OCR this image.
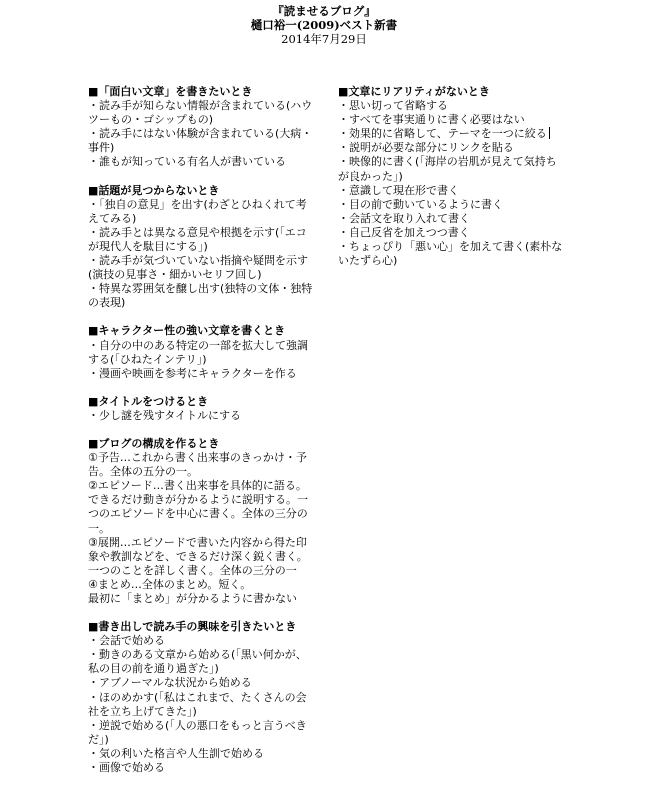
『読ませるブログ』
樋口裕一(2009)ベスト新書
2014年7月29日
■「面白い文章」を書きたいとき
・読み手が知らない情報が含まれている(ハウツーもの・ゴシップもの)
・読み手にはない体験が含まれている(大病・事件)
・誰もが知っている有名人が書いている
■話題が見つからないとき
・「独自の意見」を出す(わざとひねくれて考えてみる)
・読み手とは異なる意見や根拠を示す(「エコが現代人を駄目にする」)
・読み手が気づいていない指摘や疑問を示す(演技の見事さ・細かいセリフ回し)
・特異な雰囲気を醸し出す(独特の文体・独特の表現)
■キャラクター性の強い文章を書くとき
・自分の中のある特定の一部を拡大して強調する(「ひねたインテリ」)
・漫画や映画を参考にキャラクターを作る
■タイトルをつけるとき
・少し謎を残すタイトルにする
■ブログの構成を作るとき
①予告…これから書く出来事のきっかけ・予告。全体の五分の一。
②エピソード…書く出来事を具体的に語る。できるだけ動きが分かるように説明する。一つのエピソードを中心に書く。全体の三分の一。
③展開…エピソードで書いた内容から得た印象や教訓などを、できるだけ深く鋭く書く。一つのことを詳しく書く。全体の三分の一
④まとめ…全体のまとめ。短く。
最初に「まとめ」が分かるように書かない
■書き出しで読み手の興味を引きたいとき
・会話で始める
・動きのある文章から始める(「黒い何かが、私の目の前を通り過ぎた」)
・アブノーマルな状況から始める
・ほのめかす(「私はこれまで、たくさんの会社を立ち上げてきた」)
・逆説で始める(「人の悪口をもっと言うべきだ」)
・気の利いた格言や人生訓で始める
・画像で始める
■文章にリアリティがないとき
・思い切って省略する
・すべてを事実通りに書く必要はない
・効果的に省略して、テーマを一つに絞る
・説明が必要な部分にリンクを貼る
・映像的に書く(「海岸の岩肌が見えて気持ちが良かった」)
・意識して現在形で書く
・目の前で動いているように書く
・会話文を取り入れて書く
・自己反省を加えつつ書く
・ちょっぴり「悪い心」を加えて書く(素朴ないたずら心)
